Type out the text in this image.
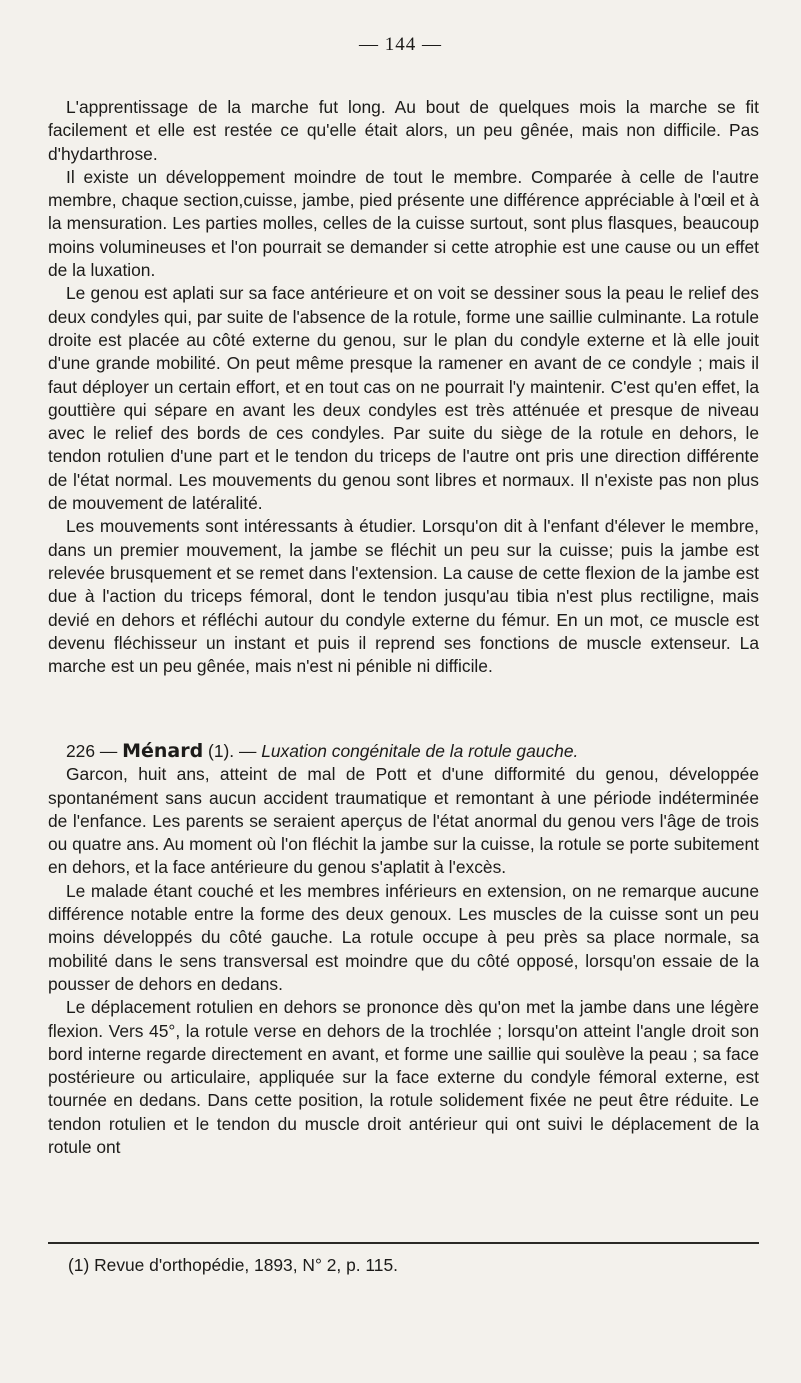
— 144 —

L'apprentissage de la marche fut long. Au bout de quelques mois la marche se fit facilement et elle est restée ce qu'elle était alors, un peu gênée, mais non difficile. Pas d'hydarthrose.

Il existe un développement moindre de tout le membre. Comparée à celle de l'autre membre, chaque section,cuisse, jambe, pied présente une différence appréciable à l'œil et à la mensuration. Les parties molles, celles de la cuisse surtout, sont plus flasques, beaucoup moins volumineuses et l'on pourrait se demander si cette atrophie est une cause ou un effet de la luxation.

Le genou est aplati sur sa face antérieure et on voit se dessiner sous la peau le relief des deux condyles qui, par suite de l'absence de la rotule, forme une saillie culminante. La rotule droite est placée au côté externe du genou, sur le plan du condyle externe et là elle jouit d'une grande mobilité. On peut même presque la ramener en avant de ce condyle ; mais il faut déployer un certain effort, et en tout cas on ne pourrait l'y maintenir. C'est qu'en effet, la gouttière qui sépare en avant les deux condyles est très atténuée et presque de niveau avec le relief des bords de ces condyles. Par suite du siège de la rotule en dehors, le tendon rotulien d'une part et le tendon du triceps de l'autre ont pris une direction différente de l'état normal. Les mouvements du genou sont libres et normaux. Il n'existe pas non plus de mouvement de latéralité.

Les mouvements sont intéressants à étudier. Lorsqu'on dit à l'enfant d'élever le membre, dans un premier mouvement, la jambe se fléchit un peu sur la cuisse; puis la jambe est relevée brusquement et se remet dans l'extension. La cause de cette flexion de la jambe est due à l'action du triceps fémoral, dont le tendon jusqu'au tibia n'est plus rectiligne, mais devié en dehors et réfléchi autour du condyle externe du fémur. En un mot, ce muscle est devenu fléchisseur un instant et puis il reprend ses fonctions de muscle extenseur. La marche est un peu gênée, mais n'est ni pénible ni difficile.

226 — Ménard (1). — Luxation congénitale de la rotule gauche.

Garcon, huit ans, atteint de mal de Pott et d'une difformité du genou, développée spontanément sans aucun accident traumatique et remontant à une période indéterminée de l'enfance. Les parents se seraient aperçus de l'état anormal du genou vers l'âge de trois ou quatre ans. Au moment où l'on fléchit la jambe sur la cuisse, la rotule se porte subitement en dehors, et la face antérieure du genou s'aplatit à l'excès.

Le malade étant couché et les membres inférieurs en extension, on ne remarque aucune différence notable entre la forme des deux genoux. Les muscles de la cuisse sont un peu moins développés du côté gauche. La rotule occupe à peu près sa place normale, sa mobilité dans le sens transversal est moindre que du côté opposé, lorsqu'on essaie de la pousser de dehors en dedans.

Le déplacement rotulien en dehors se prononce dès qu'on met la jambe dans une légère flexion. Vers 45°, la rotule verse en dehors de la trochlée ; lorsqu'on atteint l'angle droit son bord interne regarde directement en avant, et forme une saillie qui soulève la peau ; sa face postérieure ou articulaire, appliquée sur la face externe du condyle fémoral externe, est tournée en dedans. Dans cette position, la rotule solidement fixée ne peut être réduite. Le tendon rotulien et le tendon du muscle droit antérieur qui ont suivi le déplacement de la rotule ont

(1) Revue d'orthopédie, 1893, N° 2, p. 115.
